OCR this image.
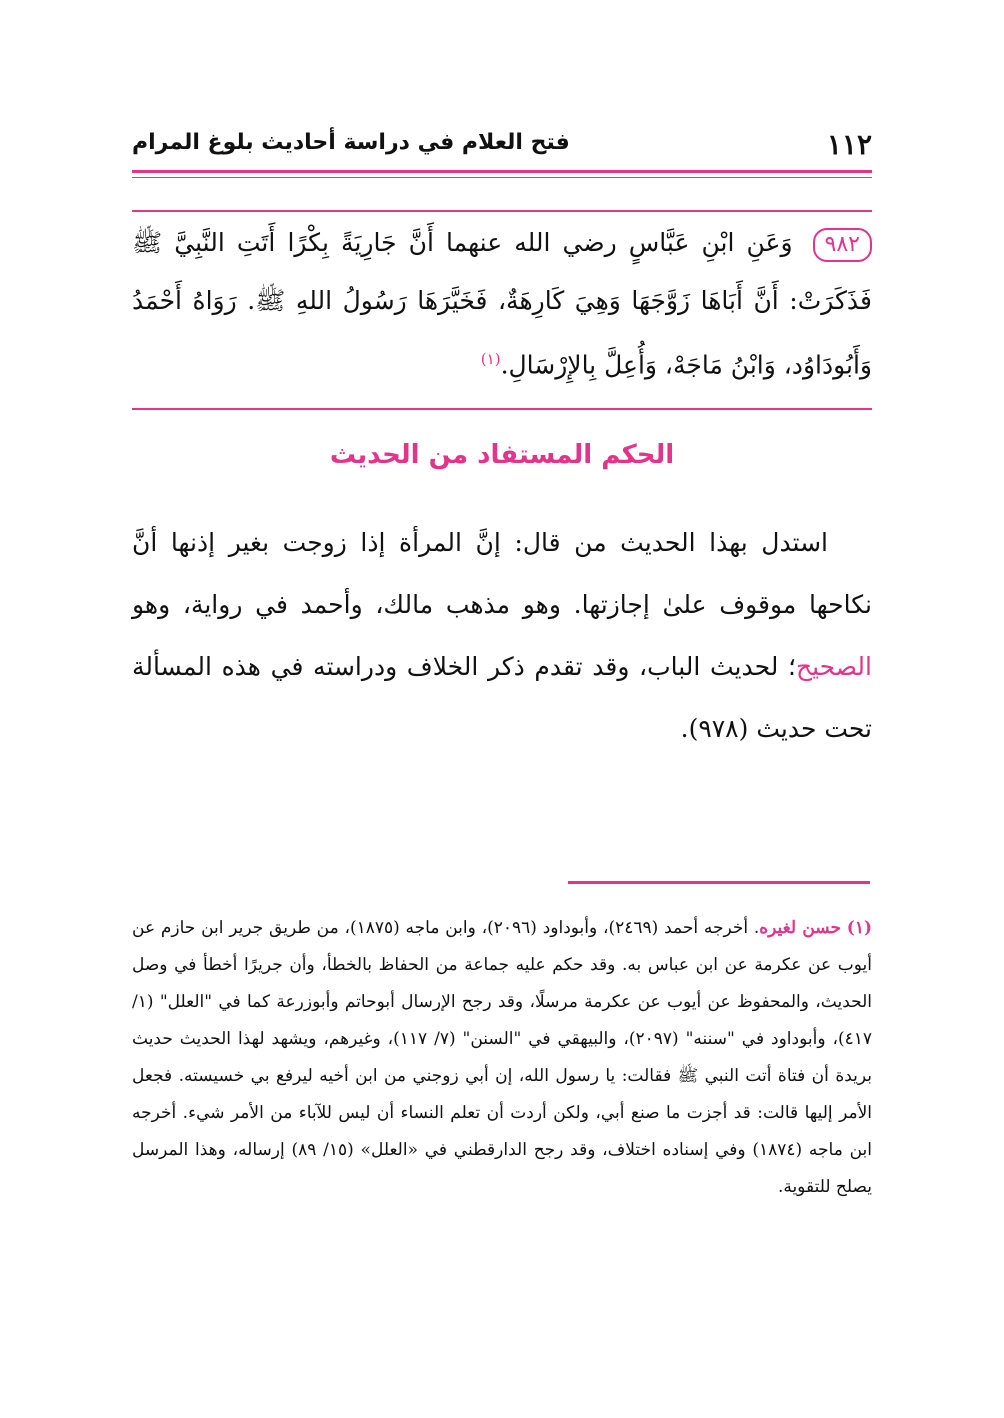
١١٢
فتح العلام في دراسة أحاديث بلوغ المرام
٩٨٢وَعَنِ ابْنِ عَبَّاسٍ رضي الله عنهما أَنَّ جَارِيَةً بِكْرًا أَتَتِ النَّبِيَّ ﷺ فَذَكَرَتْ: أَنَّ أَبَاهَا زَوَّجَهَا وَهِيَ كَارِهَةٌ، فَخَيَّرَهَا رَسُولُ اللهِ ﷺ. رَوَاهُ أَحْمَدُ وَأَبُودَاوُد، وَابْنُ مَاجَهْ، وَأُعِلَّ بِالإِرْسَالِ.$^{(١)}$
الحكم المستفاد من الحديث

استدل بهذا الحديث من قال: إنَّ المرأة إذا زوجت بغير إذنها أنَّ نكاحها موقوف علىٰ إجازتها. وهو مذهب مالك، وأحمد في رواية، وهو الصحيح؛ لحديث الباب، وقد تقدم ذكر الخلاف ودراسته في هذه المسألة تحت حديث (٩٧٨).

(١) حسن لغيره. أخرجه أحمد (٢٤٦٩)، وأبوداود (٢٠٩٦)، وابن ماجه (١٨٧٥)، من طريق جرير ابن حازم عن أيوب عن عكرمة عن ابن عباس به. وقد حكم عليه جماعة من الحفاظ بالخطأ، وأن جريرًا أخطأ في وصل الحديث، والمحفوظ عن أيوب عن عكرمة مرسلًا، وقد رجح الإرسال أبوحاتم وأبوزرعة كما في "العلل" (١/ ٤١٧)، وأبوداود في "سننه" (٢٠٩٧)، والبيهقي في "السنن" (٧/ ١١٧)، وغيرهم، ويشهد لهذا الحديث حديث بريدة أن فتاة أتت النبي ﷺ فقالت: يا رسول الله، إن أبي زوجني من ابن أخيه ليرفع بي خسيسته. فجعل الأمر إليها قالت: قد أجزت ما صنع أبي، ولكن أردت أن تعلم النساء أن ليس للآباء من الأمر شيء. أخرجه ابن ماجه (١٨٧٤) وفي إسناده اختلاف، وقد رجح الدارقطني في «العلل» (١٥/ ٨٩) إرساله، وهذا المرسل يصلح للتقوية.
